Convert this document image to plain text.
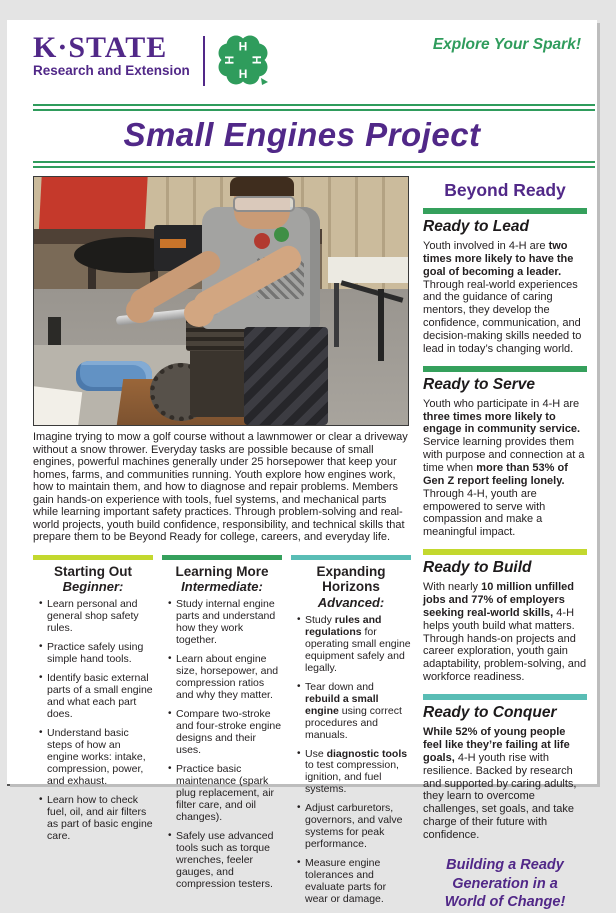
K·STATE
Research and Extension
H
H
H
H
Explore Your Spark!
Small Engines Project

Imagine trying to mow a golf course without a lawnmower or clear a driveway without a snow thrower. Everyday tasks are possible because of small engines, powerful machines generally under 25 horsepower that keep your homes, farms, and communities running. Youth explore how engines work, how to maintain them, and how to diagnose and repair problems. Members gain hands-on experience with tools, fuel systems, and mechanical parts while learning important safety practices. Through problem-solving and real-world projects, youth build confidence, responsibility, and technical skills that prepare them to be Beyond Ready for college, careers, and everyday life.

Starting Out
Beginner:
• Learn personal and general shop safety rules.
• Practice safely using simple hand tools.
• Identify basic external parts of a small engine and what each part does.
• Understand basic steps of how an engine works: intake, compression, power, and exhaust.
• Learn how to check fuel, oil, and air filters as part of basic engine care.
Learning More
Intermediate:
• Study internal engine parts and understand how they work together.
• Learn about engine size, horsepower, and compression ratios and why they matter.
• Compare two-stroke and four-stroke engine designs and their uses.
• Practice basic maintenance (spark plug replacement, air filter care, and oil changes).
• Safely use advanced tools such as torque wrenches, feeler gauges, and compression testers.
Expanding Horizons
Advanced:
• Study rules and regulations for operating small engine equipment safely and legally.
• Tear down and rebuild a small engine using correct procedures and manuals.
• Use diagnostic tools to test compression, ignition, and fuel systems.
• Adjust carburetors, governors, and valve systems for peak performance.
• Measure engine tolerances and evaluate parts for wear or damage.
Beyond Ready
Ready to Lead

Youth involved in 4-H are two times more likely to have the goal of becoming a leader. Through real-world experiences and the guidance of caring mentors, they develop the confidence, communication, and decision-making skills needed to lead in today’s changing world.

Ready to Serve

Youth who participate in 4-H are three times more likely to engage in community service. Service learning provides them with purpose and connection at a time when more than 53% of Gen Z report feeling lonely. Through 4-H, youth are empowered to serve with compassion and make a meaningful impact.

Ready to Build

With nearly 10 million unfilled jobs and 77% of employers seeking real-world skills, 4-H helps youth build what matters. Through hands-on projects and career exploration, youth gain adaptability, problem-solving, and workforce readiness.

Ready to Conquer

While 52% of young people feel like they’re failing at life goals, 4-H youth rise with resilience. Backed by research and supported by caring adults, they learn to overcome challenges, set goals, and take charge of their future with confidence.

Building a Ready Generation in a World of Change!
